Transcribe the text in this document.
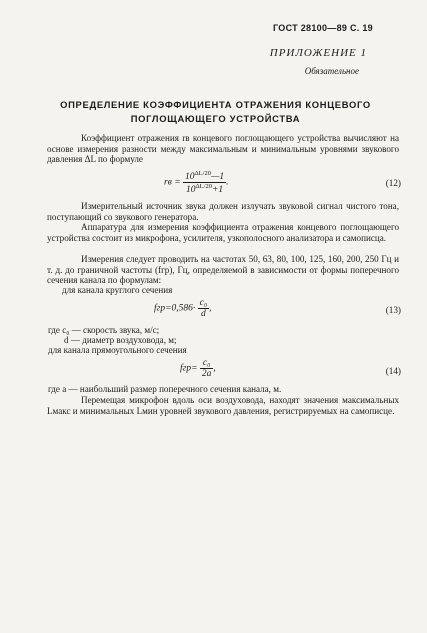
ГОСТ 28100—89 С. 19
ПРИЛОЖЕНИЕ 1
Обязательное
ОПРЕДЕЛЕНИЕ КОЭФФИЦИЕНТА ОТРАЖЕНИЯ КОНЦЕВОГО
ПОГЛОЩАЮЩЕГО УСТРОЙСТВА
Коэффициент отражения rв концевого поглощающего устройства вычисляют на основе измерения разности между максимальным и минимальным уровнями звукового давления ΔL по формуле
rв = $\frac{10^{\Delta L/20}—1}{10^{\Delta L/20}+1}$ .	(12)
Измерительный источник звука должен излучать звуковой сигнал чистого тона, поступающий со звукового генератора.
Аппаратура для измерения коэффициента отражения концевого поглощающего устройства состоит из микрофона, усилителя, узкополосного анализатора и самописца.
Измерения следует проводить на частотах 50, 63, 80, 100, 125, 160, 200, 250 Гц и т. д. до граничной частоты (fгр), Гц, определяемой в зависимости от формы поперечного сечения канала по формулам:
для канала круглого сечения
$fгр=0,586\cdot \frac{\text{c₀}}{d}$ ,	(13)
где c₀ — скорость звука, м/с;
d — диаметр воздуховода, м;
для канала прямоугольного сечения
$fгр= \frac{\text{c₀}}{2a}$ ,	(14)
где a — наибольший размер поперечного сечения канала, м.
Перемещая микрофон вдоль оси воздуховода, находят значения максимальных Lмакс и минимальных Lмин уровней звукового давления, регистрируемых на самописце.
